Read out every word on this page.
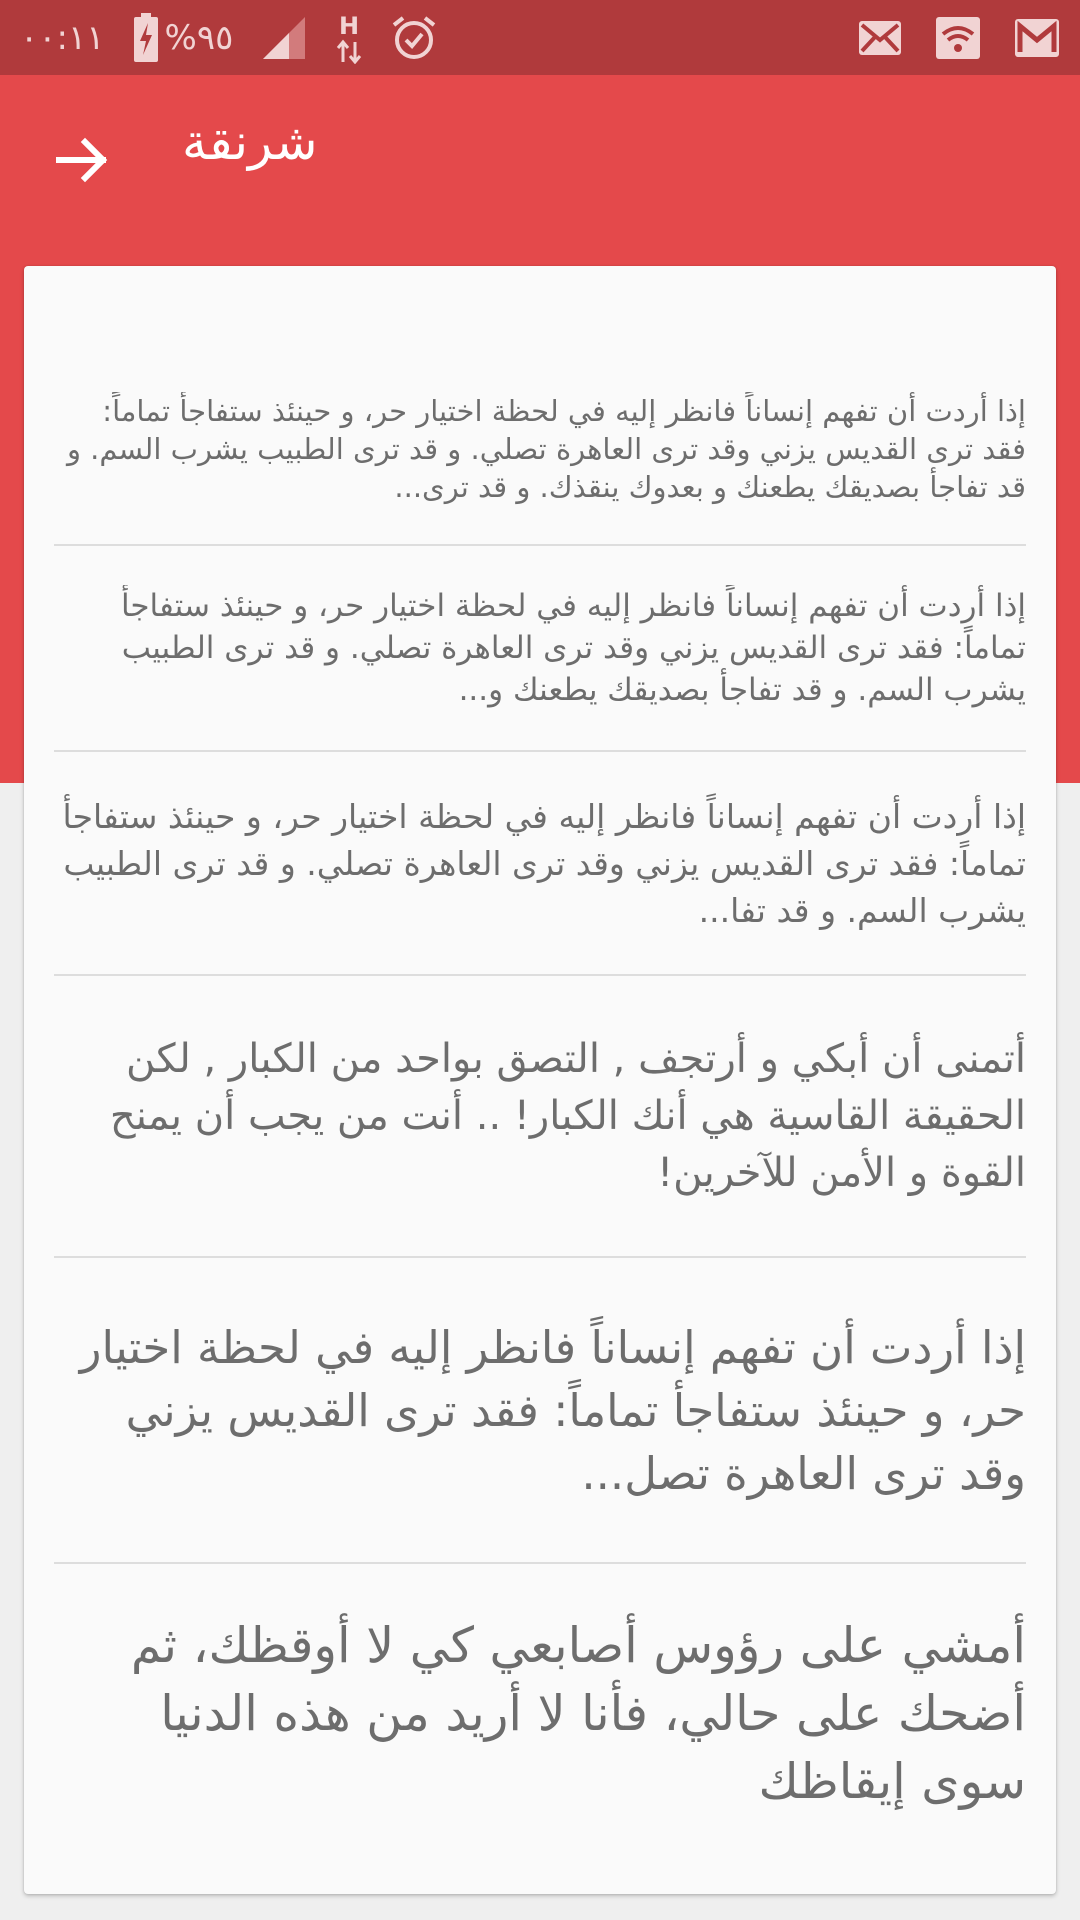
٠٠:١١ %٩٥	H
شرنقة

إذا أردت أن تفهم إنساناً فانظر إليه في لحظة اختيار حر، و حينئذ ستفاجأ تماماً: فقد ترى القديس يزني وقد ترى العاهرة تصلي. و قد ترى الطبيب يشرب السم. و قد تفاجأ بصديقك يطعنك و بعدوك ينقذك. و قد ترى...

إذا أردت أن تفهم إنساناً فانظر إليه في لحظة اختيار حر، و حينئذ ستفاجأ تماماً: فقد ترى القديس يزني وقد ترى العاهرة تصلي. و قد ترى الطبيب يشرب السم. و قد تفاجأ بصديقك يطعنك و...

إذا أردت أن تفهم إنساناً فانظر إليه في لحظة اختيار حر، و حينئذ ستفاجأ تماماً: فقد ترى القديس يزني وقد ترى العاهرة تصلي. و قد ترى الطبيب يشرب السم. و قد تفا...

أتمنى أن أبكي و أرتجف , التصق بواحد من الكبار , لكن الحقيقة القاسية هي أنك الكبار! .. أنت من يجب أن يمنح القوة و الأمن للآخرين!

إذا أردت أن تفهم إنساناً فانظر إليه في لحظة اختيار حر، و حينئذ ستفاجأ تماماً: فقد ترى القديس يزني وقد ترى العاهرة تصل...

أمشي على رؤوس أصابعي كي لا أوقظك، ثم أضحك على حالي، فأنا لا أريد من هذه الدنيا سوى إيقاظك
